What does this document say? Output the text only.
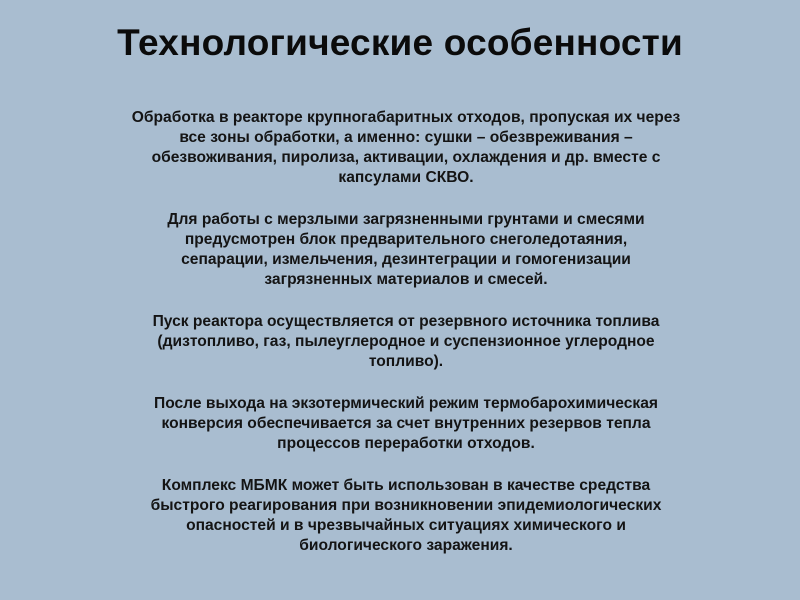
Технологические особенности

Обработка в реакторе крупногабаритных отходов, пропуская их через
все зоны обработки, а именно: сушки – обезвреживания –
обезвоживания, пиролиза, активации, охлаждения и др. вместе с
капсулами СКВО.

Для работы с мерзлыми загрязненными грунтами и смесями
предусмотрен блок предварительного снеголедотаяния,
сепарации, измельчения, дезинтеграции и гомогенизации
загрязненных материалов и смесей.

Пуск реактора осуществляется от резервного источника топлива
(дизтопливо, газ, пылеуглеродное и суспензионное углеродное
топливо).

После выхода на экзотермический режим термобарохимическая
конверсия обеспечивается за счет внутренних резервов тепла
процессов переработки отходов.

Комплекс МБМК может быть использован в качестве средства
быстрого реагирования при возникновении эпидемиологических
опасностей и в чрезвычайных ситуациях химического и
биологического заражения.
